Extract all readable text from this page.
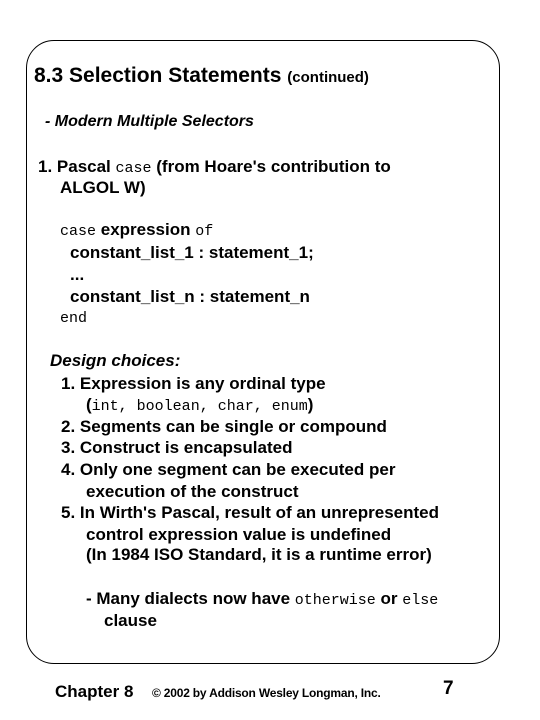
8.3 Selection Statements (continued)
- Modern Multiple Selectors
1. Pascal case (from Hoare's contribution to
ALGOL W)
case expression of
constant_list_1 : statement_1;
...
constant_list_n : statement_n
end
Design choices:
1. Expression is any ordinal type
(int, boolean, char, enum)
2. Segments can be single or compound
3. Construct is encapsulated
4. Only one segment can be executed per
execution of the construct
5. In Wirth's Pascal, result of an unrepresented
control expression value is undefined
(In 1984 ISO Standard, it is a runtime error)
- Many dialects now have otherwise or else
clause
Chapter 8 © 2002 by Addison Wesley Longman, Inc.	7
